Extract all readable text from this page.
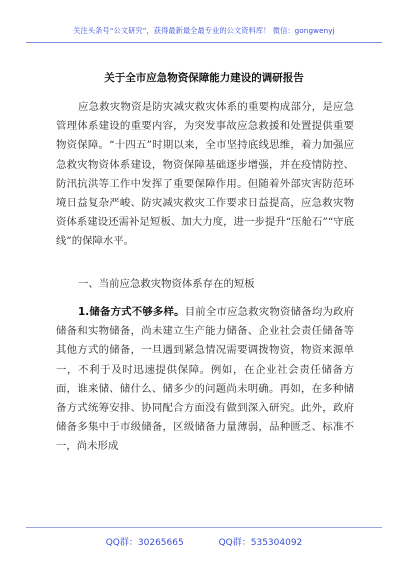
关注头条号“公文研究”，获得最新最全最专业的公文资料库！ 微信：gongwenyj
关于全市应急物资保障能力建设的调研报告
应急救灾物资是防灾减灾救灾体系的重要构成部分，是应急管理体系建设的重要内容，为突发事故应急救援和处置提供重要物资保障。“十四五”时期以来，全市坚持底线思维，着力加强应急救灾物资体系建设，物资保障基础逐步增强，并在疫情防控、防汛抗洪等工作中发挥了重要保障作用。但随着外部灾害防范环境日益复杂严峻、防灾减灾救灾工作要求日益提高，应急救灾物资体系建设还需补足短板、加大力度，进一步提升“压舱石”“守底线”的保障水平。
一、当前应急救灾物资体系存在的短板
1.储备方式不够多样。目前全市应急救灾物资储备均为政府储备和实物储备，尚未建立生产能力储备、企业社会责任储备等其他方式的储备，一旦遇到紧急情况需要调拨物资，物资来源单一，不利于及时迅速提供保障。例如，在企业社会责任储备方面，谁来储、储什么、储多少的问题尚未明确。再如，在多种储备方式统筹安排、协同配合方面没有做到深入研究。此外，政府储备多集中于市级储备，区级储备力量薄弱，品种匮乏、标准不一，尚未形成
QQ群：30265665	QQ群：535304092
